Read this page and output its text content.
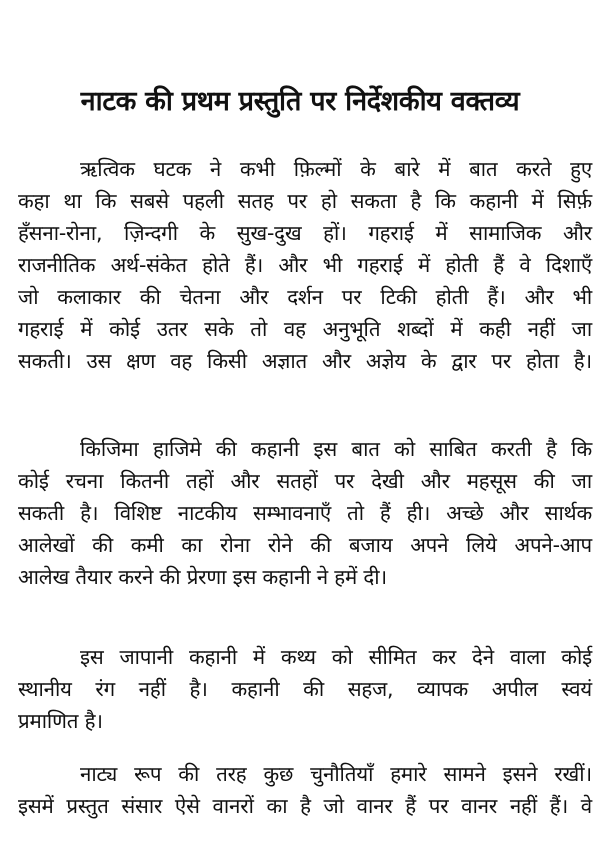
नाटक की प्रथम प्रस्तुति पर निर्देशकीय वक्तव्य
ऋत्विक घटक ने कभी फ़िल्मों के बारे में बात करते हुए
कहा था कि सबसे पहली सतह पर हो सकता है कि कहानी में सिर्फ़
हँसना-रोना, ज़िन्दगी के सुख-दुख हों। गहराई में सामाजिक और
राजनीतिक अर्थ-संकेत होते हैं। और भी गहराई में होती हैं वे दिशाएँ
जो कलाकार की चेतना और दर्शन पर टिकी होती हैं। और भी
गहराई में कोई उतर सके तो वह अनुभूति शब्दों में कही नहीं जा
सकती। उस क्षण वह किसी अज्ञात और अज्ञेय के द्वार पर होता है।
किजिमा हाजिमे की कहानी इस बात को साबित करती है कि
कोई रचना कितनी तहों और सतहों पर देखी और महसूस की जा
सकती है। विशिष्ट नाटकीय सम्भावनाएँ तो हैं ही। अच्छे और सार्थक
आलेखों की कमी का रोना रोने की बजाय अपने लिये अपने-आप
आलेख तैयार करने की प्रेरणा इस कहानी ने हमें दी।
इस जापानी कहानी में कथ्य को सीमित कर देने वाला कोई
स्थानीय रंग नहीं है। कहानी की सहज, व्यापक अपील स्वयं
प्रमाणित है।
नाट्य रूप की तरह कुछ चुनौतियाँ हमारे सामने इसने रखीं।
इसमें प्रस्तुत संसार ऐसे वानरों का है जो वानर हैं पर वानर नहीं हैं। वे
